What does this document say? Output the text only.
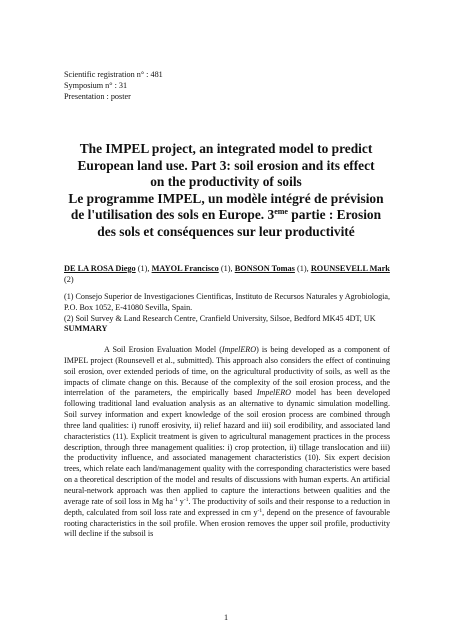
Scientific registration n° : 481
Symposium n° : 31
Presentation : poster
The IMPEL project, an integrated model to predict
European land use. Part 3: soil erosion and its effect
on the productivity of soils
Le programme IMPEL, un modèle intégré de prévision
de l'utilisation des sols en Europe. 3eme partie : Erosion
des sols et conséquences sur leur productivité
DE LA ROSA Diego (1), MAYOL Francisco (1), BONSON Tomas (1), ROUNSEVELL Mark (2)

(1) Consejo Superior de Investigaciones Cientificas, Instituto de Recursos Naturales y Agrobiologia, P.O. Box 1052, E-41080 Sevilla, Spain.

(2) Soil Survey & Land Research Centre, Cranfield University, Silsoe, Bedford MK45 4DT, UK

SUMMARY

A Soil Erosion Evaluation Model (ImpelERO) is being developed as a component of IMPEL project (Rounsevell et al., submitted). This approach also considers the effect of continuing soil erosion, over extended periods of time, on the agricultural productivity of soils, as well as the impacts of climate change on this. Because of the complexity of the soil erosion process, and the interrelation of the parameters, the empirically based ImpelERO model has been developed following traditional land evaluation analysis as an alternative to dynamic simulation modelling. Soil survey information and expert knowledge of the soil erosion process are combined through three land qualities: i) runoff erosivity, ii) relief hazard and iii) soil erodibility, and associated land characteristics (11). Explicit treatment is given to agricultural management practices in the process description, through three management qualities: i) crop protection, ii) tillage translocation and iii) the productivity influence, and associated management characteristics (10). Six expert decision trees, which relate each land/management quality with the corresponding characteristics were based on a theoretical description of the model and results of discussions with human experts. An artificial neural-network approach was then applied to capture the interactions between qualities and the average rate of soil loss in Mg $ha^{-1}$ $y^{-1}$. The productivity of soils and their response to a reduction in depth, calculated from soil loss rate and expressed in cm $y^{-1}$, depend on the presence of favourable rooting characteristics in the soil profile. When erosion removes the upper soil profile, productivity will decline if the subsoil is

1
